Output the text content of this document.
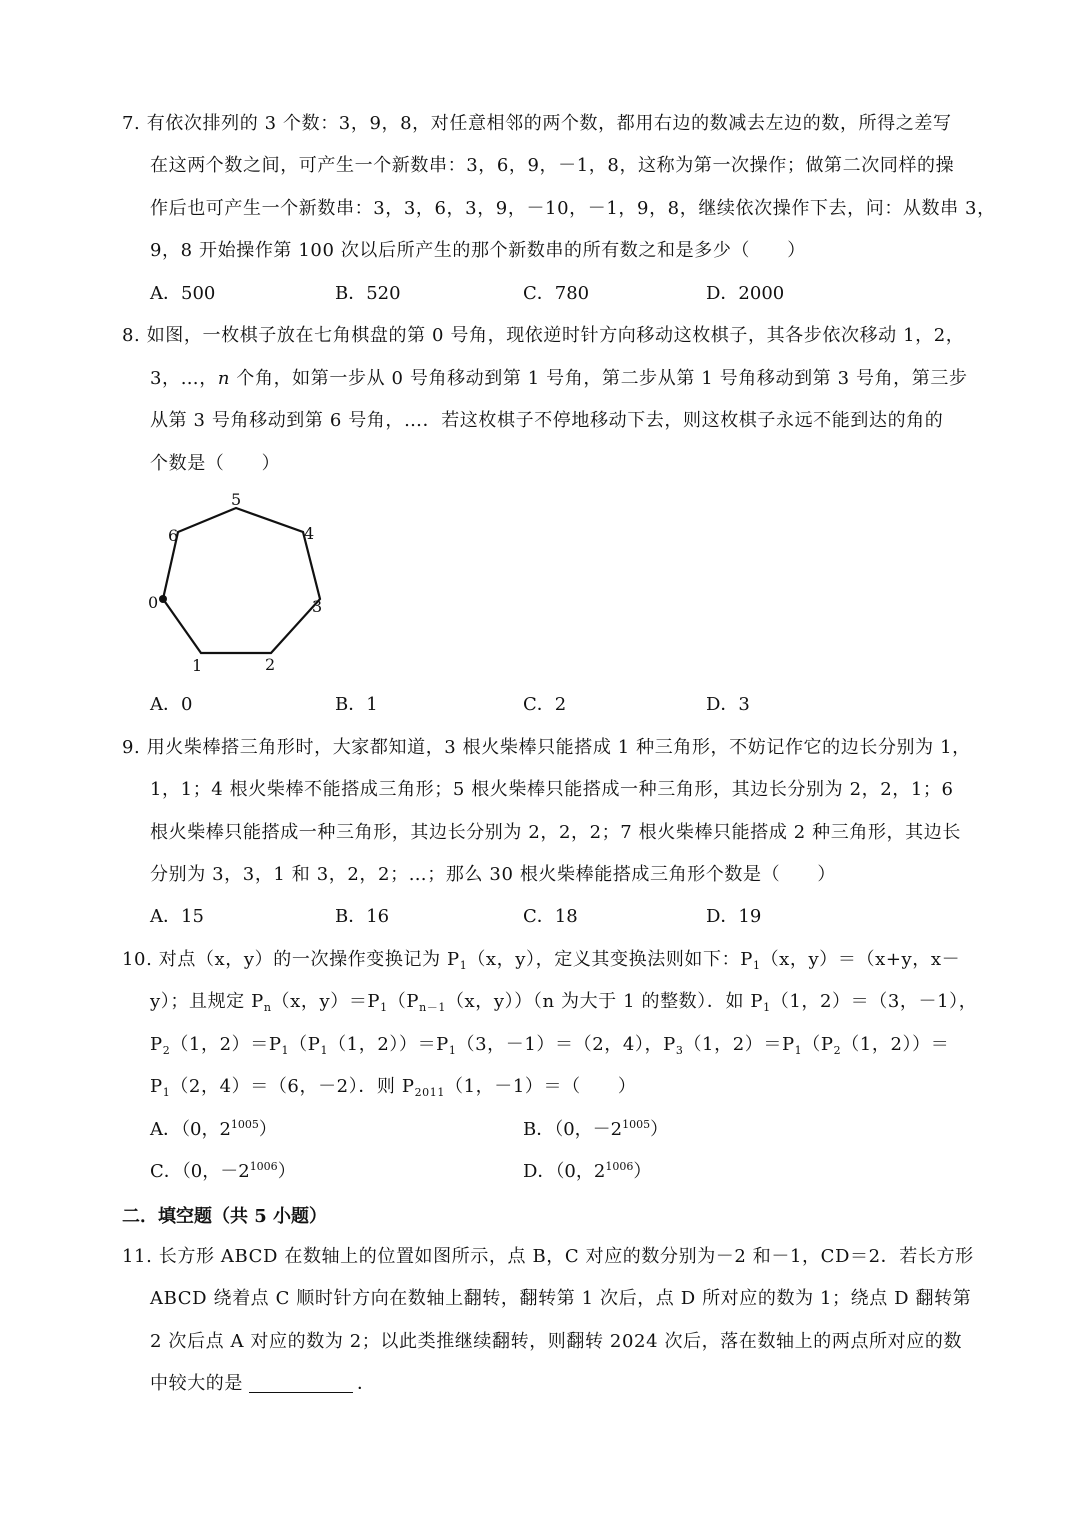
7. 有依次排列的 3 个数：3，9，8，对任意相邻的两个数，都用右边的数减去左边的数，所得之差写
在这两个数之间，可产生一个新数串：3，6，9，－1，8，这称为第一次操作；做第二次同样的操
作后也可产生一个新数串：3，3，6，3，9，－10，－1，9，8，继续依次操作下去，问：从数串 3，
9，8 开始操作第 100 次以后所产生的那个新数串的所有数之和是多少（　　）
A．500	B．520	C．780	D．2000
8. 如图，一枚棋子放在七角棋盘的第 0 号角，现依逆时针方向移动这枚棋子，其各步依次移动 1，2，
3，…，n 个角，如第一步从 0 号角移动到第 1 号角，第二步从第 1 号角移动到第 3 号角，第三步
从第 3 号角移动到第 6 号角，…．若这枚棋子不停地移动下去，则这枚棋子永远不能到达的角的
个数是（　　）
0
1	2
3
4
5
6
A．0	B．1	C．2	D．3
9. 用火柴棒搭三角形时，大家都知道，3 根火柴棒只能搭成 1 种三角形，不妨记作它的边长分别为 1，
1，1；4 根火柴棒不能搭成三角形；5 根火柴棒只能搭成一种三角形，其边长分别为 2，2，1；6
根火柴棒只能搭成一种三角形，其边长分别为 2，2，2；7 根火柴棒只能搭成 2 种三角形，其边长
分别为 3，3，1 和 3，2，2；…；那么 30 根火柴棒能搭成三角形个数是（　　）
A．15	B．16	C．18	D．19
10. 对点（x，y）的一次操作变换记为 $P_1(x$，y），定义其变换法则如下：$P_1(x$，y）＝（x+y，x－
y）；且规定 $P_n(x$，$y)=P_1(P_{n-1}(x$，y））（n 为大于 1 的整数）．如 $P_1(1$，2）＝（3，－1），
$P_2(1$，$2)=P_1(P_1(1$，$2))=P_1(3$，－1）＝（2，4），$P_3(1$，$2)=P_1(P_2(1$，2））＝
$P_1(2$，4）＝（6，－2）．则 $P_{2011}(1$，－1）＝（　　）
A．（0，$2^{1005}$）	B．（0，$-2^{1005}$）
C．（0，$-2^{1006}$）	D．（0，$2^{1006}$）
二．填空题（共 5 小题）
11. 长方形 ABCD 在数轴上的位置如图所示，点 B，C 对应的数分别为－2 和－1，CD＝2．若长方形
ABCD 绕着点 C 顺时针方向在数轴上翻转，翻转第 1 次后，点 D 所对应的数为 1；绕点 D 翻转第
2 次后点 A 对应的数为 2；以此类推继续翻转，则翻转 2024 次后，落在数轴上的两点所对应的数
中较大的是	．
